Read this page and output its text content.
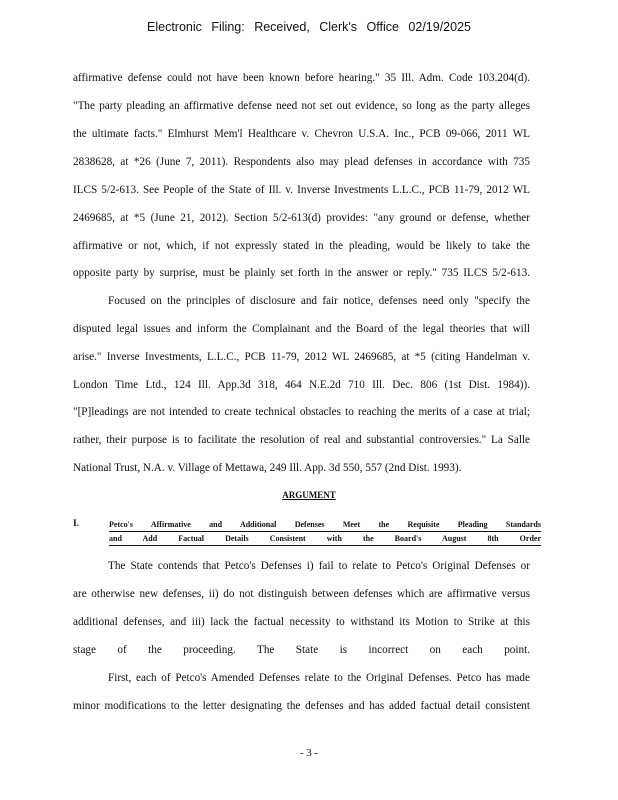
Electronic Filing: Received, Clerk's Office 02/19/2025
affirmative defense could not have been known before hearing." 35 Ill. Adm. Code 103.204(d).
"The party pleading an affirmative defense need not set out evidence, so long as the party alleges
the ultimate facts." Elmhurst Mem'l Healthcare v. Chevron U.S.A. Inc., PCB 09-066, 2011 WL
2838628, at *26 (June 7, 2011). Respondents also may plead defenses in accordance with 735
ILCS 5/2-613. See People of the State of Ill. v. Inverse Investments L.L.C., PCB 11-79, 2012 WL
2469685, at *5 (June 21, 2012). Section 5/2-613(d) provides: "any ground or defense, whether
affirmative or not, which, if not expressly stated in the pleading, would be likely to take the
opposite party by surprise, must be plainly set forth in the answer or reply." 735 ILCS 5/2-613.
Focused on the principles of disclosure and fair notice, defenses need only "specify the
disputed legal issues and inform the Complainant and the Board of the legal theories that will
arise." Inverse Investments, L.L.C., PCB 11-79, 2012 WL 2469685, at *5 (citing Handelman v.
London Time Ltd., 124 Ill. App.3d 318, 464 N.E.2d 710 Ill. Dec. 806 (1st Dist. 1984)).
"[P]leadings are not intended to create technical obstacles to reaching the merits of a case at trial;
rather, their purpose is to facilitate the resolution of real and substantial controversies." La Salle
National Trust, N.A. v. Village of Mettawa, 249 Ill. App. 3d 550, 557 (2nd Dist. 1993).
ARGUMENT
I.	Petco's Affirmative and Additional Defenses Meet the Requisite Pleading Standards
and Add Factual Details Consistent with the Board's August 8th Order
The State contends that Petco's Defenses i) fail to relate to Petco's Original Defenses or
are otherwise new defenses, ii) do not distinguish between defenses which are affirmative versus
additional defenses, and iii) lack the factual necessity to withstand its Motion to Strike at this
stage of the proceeding. The State is incorrect on each point.
First, each of Petco's Amended Defenses relate to the Original Defenses. Petco has made
minor modifications to the letter designating the defenses and has added factual detail consistent
- 3 -
